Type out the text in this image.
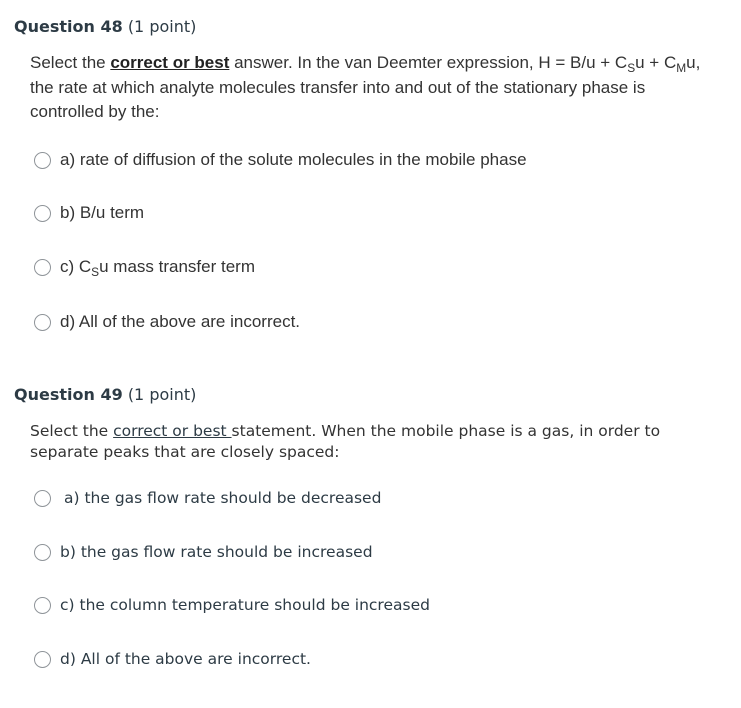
Question 48 (1 point)
Select the correct or best answer. In the van Deemter expression, $H = B/u + C_Su + C_Mu$, the rate at which analyte molecules transfer into and out of the stationary phase is controlled by the:
a) rate of diffusion of the solute molecules in the mobile phase
b) B/u term
c) $C_Su$ mass transfer term
d) All of the above are incorrect.
Question 49 (1 point)
Select the correct or best statement. When the mobile phase is a gas, in order to separate peaks that are closely spaced:
a) the gas flow rate should be decreased
b) the gas flow rate should be increased
c) the column temperature should be increased
d) All of the above are incorrect.
